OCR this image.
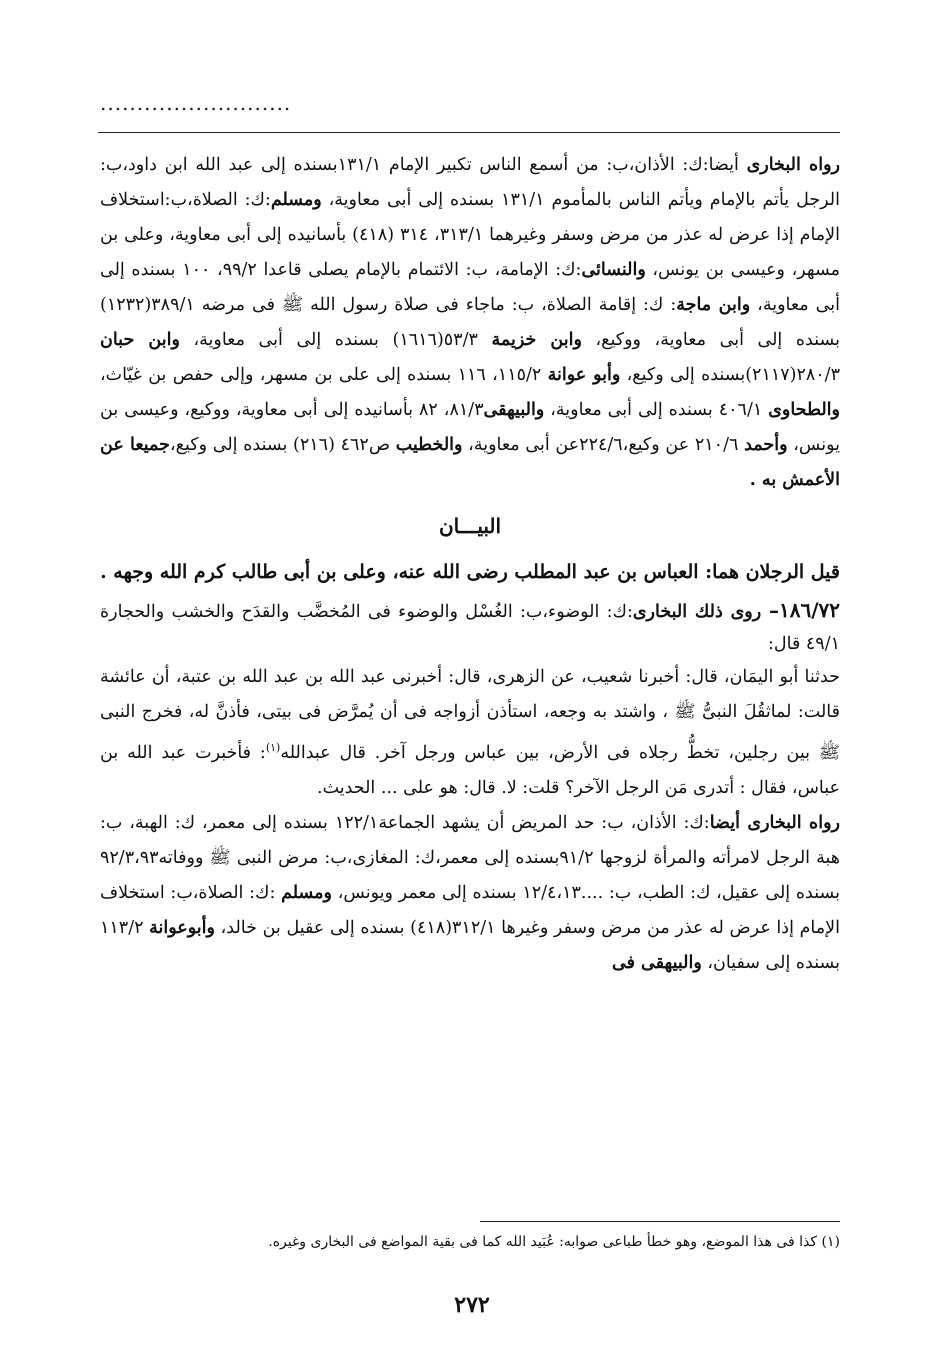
..........................

رواه البخارى أيضا:ك: الأذان،ب: من أسمع الناس تكبير الإمام ١٣١/١بسنده إلى عبد الله ابن داود،ب: الرجل يأتم بالإمام ويأتم الناس بالمأموم ١٣١/١ بسنده إلى أبى معاوية، ومسلم:ك: الصلاة،ب:استخلاف الإمام إذا عرض له عذر من مرض وسفر وغيرهما ٣١٣/١، ٣١٤ (٤١٨) بأسانيده إلى أبى معاوية، وعلى بن مسهر، وعيسى بن يونس، والنسائى:ك: الإمامة، ب: الائتمام بالإمام يصلى قاعدا ٩٩/٢، ١٠٠ بسنده إلى أبى معاوية، وابن ماجة: ك: إقامة الصلاة، ب: ماجاء فى صلاة رسول الله ﷺ فى مرضه ٣٨٩/١(١٢٣٢) بسنده إلى أبى معاوية، ووكيع، وابن خزيمة ٥٣/٣(١٦١٦) بسنده إلى أبى معاوية، وابن حبان ٢٨٠/٣(٢١١٧)بسنده إلى وكيع، وأبو عوانة ١١٥/٢، ١١٦ بسنده إلى على بن مسهر، وإلى حفص بن غيّاث، والطحاوى ٤٠٦/١ بسنده إلى أبى معاوية، والبيهقى٨١/٣، ٨٢ بأسانيده إلى أبى معاوية، ووكيع، وعيسى بن يونس، وأحمد ٢١٠/٦ عن وكيع،٢٢٤/٦عن أبى معاوية، والخطيب ص٤٦٢ (٢١٦) بسنده إلى وكيع،جميعا عن الأعمش به .

البيـــان

قيل الرجلان هما: العباس بن عبد المطلب رضى الله عنه، وعلى بن أبى طالب كرم الله وجهه .

١٨٦/٧٢– روى ذلك البخارى:ك: الوضوء،ب: الغُسْل والوضوء فى المُخضَّب والقدَح والخشب والحجارة ٤٩/١ قال:

حدثنا أبو اليمَان، قال: أخبرنا شعيب، عن الزهرى، قال: أخبرنى عبد الله بن عبد الله بن عتبة، أن عائشة قالت: لماثقُلَ النبىُّ ﷺ ، واشتد به وجعه، استأذن أزواجه فى أن يُمرَّض فى بيتى، فأذنَّ له، فخرج النبى ﷺ بين رجلين، تخطُّ رجلاه فى الأرض، بين عباس ورجل آخر. قال عبدالله$^{(١)}$: فأخبرت عبد الله بن عباس، فقال : أتدرى مَن الرجل الآخر؟ قلت: لا. قال: هو على ... الحديث.

رواه البخارى أيضا:ك: الأذان، ب: حد المريض أن يشهد الجماعة١٢٢/١ بسنده إلى معمر، ك: الهبة، ب: هبة الرجل لامرأته والمرأة لزوجها ٩١/٢بسنده إلى معمر،ك: المغازى،ب: مرض النبى ﷺ ووفاته٩٢/٣،٩٣ بسنده إلى عقيل، ك: الطب، ب: ....١٢/٤،١٣ بسنده إلى معمر ويونس، ومسلم :ك: الصلاة،ب: استخلاف الإمام إذا عرض له عذر من مرض وسفر وغيرها ٣١٢/١(٤١٨) بسنده إلى عقيل بن خالد، وأبوعوانة ١١٣/٢ بسنده إلى سفيان، والبيهقى فى

(١) كذا فى هذا الموضع، وهو خطأ طباعى صوابه: عُبَيد الله كما فى بقية المواضع فى البخارى وغيره.
٢٧٢
